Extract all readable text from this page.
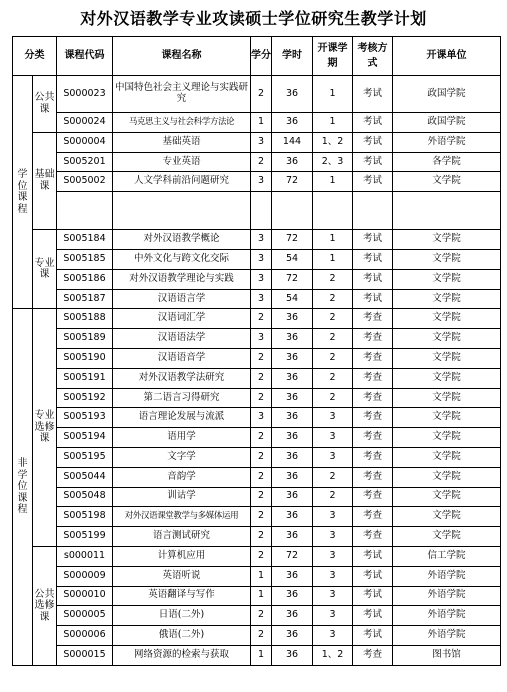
对外汉语教学专业攻读硕士学位研究生教学计划
分类		课程代码	课程名称	学分	学时	开课学期	考核方式	开课单位
学位课程	公共课	S000023	中国特色社会主义理论与实践研究	2	36	1	考试	政国学院
		S000024	马克思主义与社会科学方法论	1	36	1	考试	政国学院
	基础课	S000004	基础英语	3	144	1、2	考试	外语学院
		S005201	专业英语	2	36	2、3	考试	各学院
		S005002	人文学科前沿问题研究	3	72	1	考试	文学院

	专业课	S005184	对外汉语教学概论	3	72	1	考试	文学院
		S005185	中外文化与跨文化交际	3	54	1	考试	文学院
		S005186	对外汉语教学理论与实践	3	72	2	考试	文学院
		S005187	汉语语言学	3	54	2	考试	文学院
非学位课程	专业选修课	S005188	汉语词汇学	2	36	2	考查	文学院
		S005189	汉语语法学	3	36	2	考查	文学院
		S005190	汉语语音学	2	36	2	考查	文学院
		S005191	对外汉语教学法研究	2	36	2	考查	文学院
		S005192	第二语言习得研究	2	36	2	考查	文学院
		S005193	语言理论发展与流派	3	36	3	考查	文学院
		S005194	语用学	2	36	3	考查	文学院
		S005195	文字学	2	36	3	考查	文学院
		S005044	音韵学	2	36	2	考查	文学院
		S005048	训诂学	2	36	2	考查	文学院
		S005198	对外汉语课堂教学与多媒体运用	2	36	3	考查	文学院
		S005199	语言测试研究	2	36	3	考查	文学院
	公共选修课	s000011	计算机应用	2	72	3	考试	信工学院
		S000009	英语听说	1	36	3	考试	外语学院
		S000010	英语翻译与写作	1	36	3	考试	外语学院
		S000005	日语(二外)	2	36	3	考试	外语学院
		S000006	俄语(二外)	2	36	3	考试	外语学院
		S000015	网络资源的检索与获取	1	36	1、2	考查	图书馆
